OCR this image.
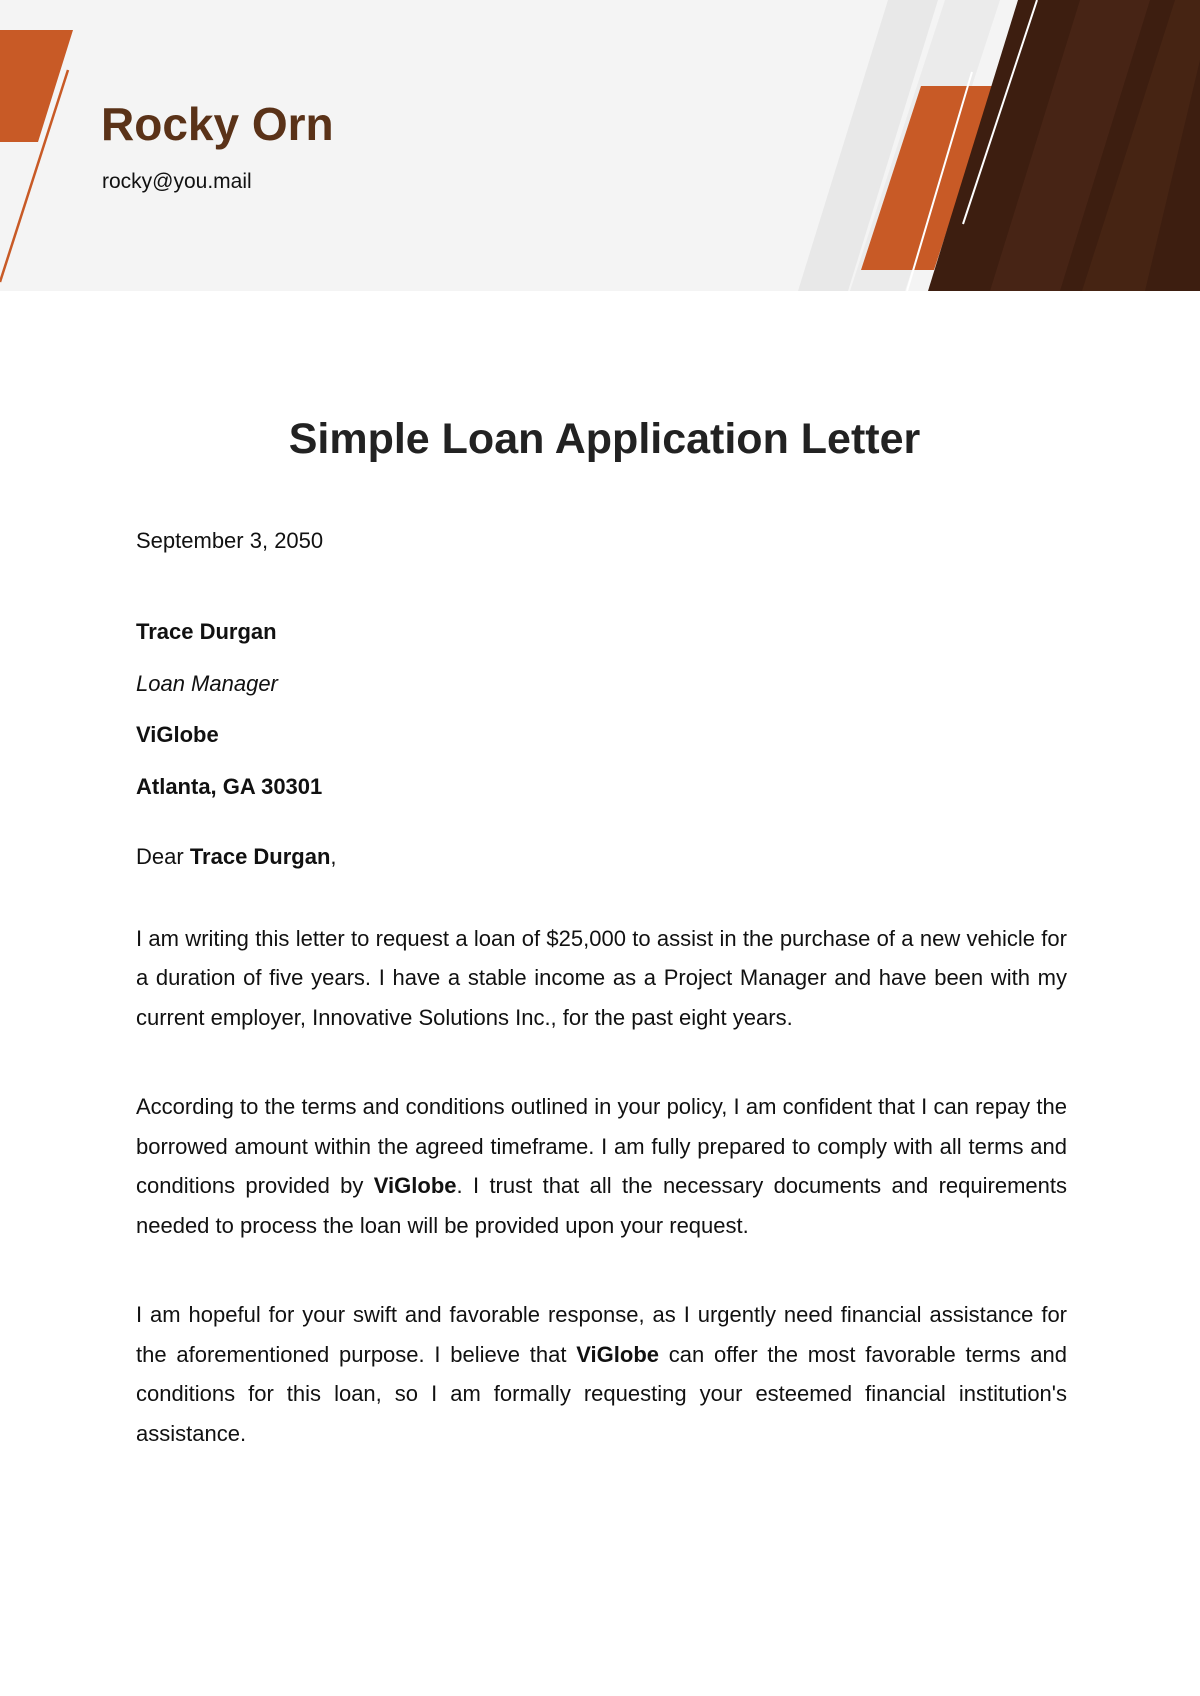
Rocky Orn
rocky@you.mail
Simple Loan Application Letter
September 3, 2050
Trace Durgan
Loan Manager
ViGlobe
Atlanta, GA 30301
Dear Trace Durgan,

I am writing this letter to request a loan of $25,000 to assist in the purchase of a new vehicle for a duration of five years. I have a stable income as a Project Manager and have been with my current employer, Innovative Solutions Inc., for the past eight years.

According to the terms and conditions outlined in your policy, I am confident that I can repay the borrowed amount within the agreed timeframe. I am fully prepared to comply with all terms and conditions provided by ViGlobe. I trust that all the necessary documents and requirements needed to process the loan will be provided upon your request.

I am hopeful for your swift and favorable response, as I urgently need financial assistance for the aforementioned purpose. I believe that ViGlobe can offer the most favorable terms and conditions for this loan, so I am formally requesting your esteemed financial institution's assistance.
